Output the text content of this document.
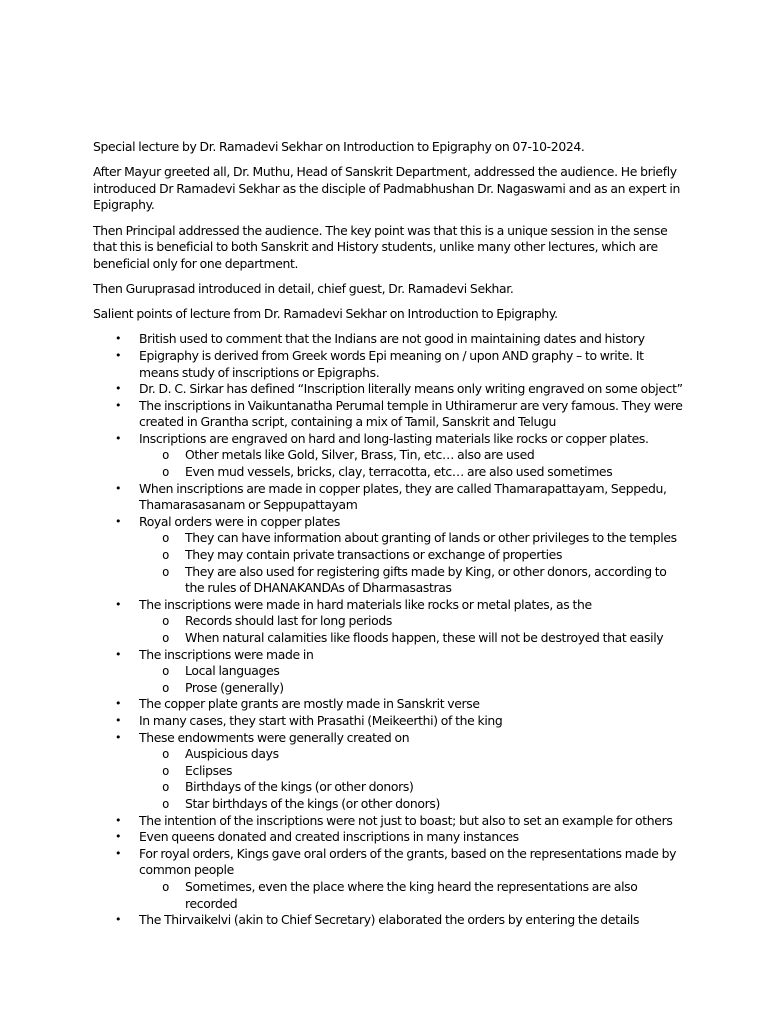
Special lecture by Dr. Ramadevi Sekhar on Introduction to Epigraphy on 07-10-2024.

After Mayur greeted all, Dr. Muthu, Head of Sanskrit Department, addressed the audience. He briefly introduced Dr Ramadevi Sekhar as the disciple of Padmabhushan Dr. Nagaswami and as an expert in Epigraphy.

Then Principal addressed the audience. The key point was that this is a unique session in the sense that this is beneficial to both Sanskrit and History students, unlike many other lectures, which are beneficial only for one department.

Then Guruprasad introduced in detail, chief guest, Dr. Ramadevi Sekhar.

Salient points of lecture from Dr. Ramadevi Sekhar on Introduction to Epigraphy.

• British used to comment that the Indians are not good in maintaining dates and history
• Epigraphy is derived from Greek words Epi meaning on / upon AND graphy – to write. It means study of inscriptions or Epigraphs.
• Dr. D. C. Sirkar has defined “Inscription literally means only writing engraved on some object”
• The inscriptions in Vaikuntanatha Perumal temple in Uthiramerur are very famous. They were created in Grantha script, containing a mix of Tamil, Sanskrit and Telugu
• Inscriptions are engraved on hard and long-lasting materials like rocks or copper plates.
o Other metals like Gold, Silver, Brass, Tin, etc… also are used
o Even mud vessels, bricks, clay, terracotta, etc… are also used sometimes
• When inscriptions are made in copper plates, they are called Thamarapattayam, Seppedu, Thamarasasanam or Seppupattayam
• Royal orders were in copper plates
o They can have information about granting of lands or other privileges to the temples
o They may contain private transactions or exchange of properties
o They are also used for registering gifts made by King, or other donors, according to the rules of DHANAKANDAs of Dharmasastras
• The inscriptions were made in hard materials like rocks or metal plates, as the
o Records should last for long periods
o When natural calamities like floods happen, these will not be destroyed that easily
• The inscriptions were made in
o Local languages
o Prose (generally)
• The copper plate grants are mostly made in Sanskrit verse
• In many cases, they start with Prasathi (Meikeerthi) of the king
• These endowments were generally created on
o Auspicious days
o Eclipses
o Birthdays of the kings (or other donors)
o Star birthdays of the kings (or other donors)
• The intention of the inscriptions were not just to boast; but also to set an example for others
• Even queens donated and created inscriptions in many instances
• For royal orders, Kings gave oral orders of the grants, based on the representations made by common people
o Sometimes, even the place where the king heard the representations are also recorded
• The Thirvaikelvi (akin to Chief Secretary) elaborated the orders by entering the details
